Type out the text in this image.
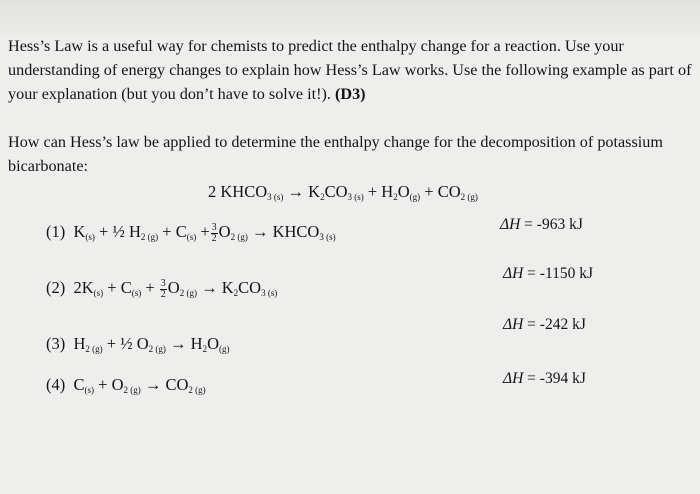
Hess’s Law is a useful way for chemists to predict the enthalpy change for a reaction. Use your understanding of energy changes to explain how Hess’s Law works. Use the following example as part of your explanation (but you don’t have to solve it!). (D3)
How can Hess’s law be applied to determine the enthalpy change for the decomposition of potassium bicarbonate:
2 $KHCO_{3 (s)} \to K_2CO_{3 (s)} + H_2O_{(g)} + CO_{2 (g)}$
(1)  $K_{(s)}$ + ½ $H_{2 (g)} + C_{(s)} + \frac{3}{2} O_{2 (g)}$ → $KHCO_{3 (s)}$
ΔH = -963 kJ
(2)  $2K_{(s)} + C_{(s)} + \frac{3}{2} O_{2 (g)} \to K_2CO_{3 (s)}$
ΔH = -1150 kJ
(3)  $H_{2 (g)}$ + ½ $O_{2 (g)} \to H_2O_{(g)}$
ΔH = -242 kJ
(4)  $C_{(s)} + O_{2 (g)} \to CO_{2 (g)}$
ΔH = -394 kJ
